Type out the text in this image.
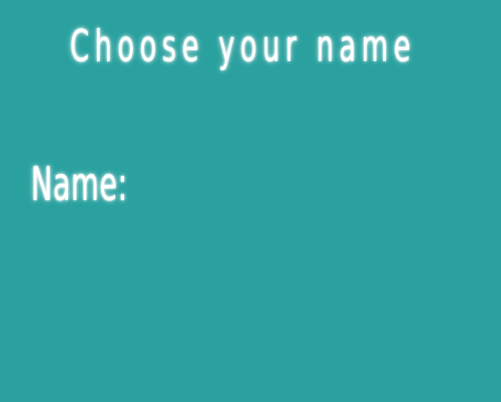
Choose your name
Name:
